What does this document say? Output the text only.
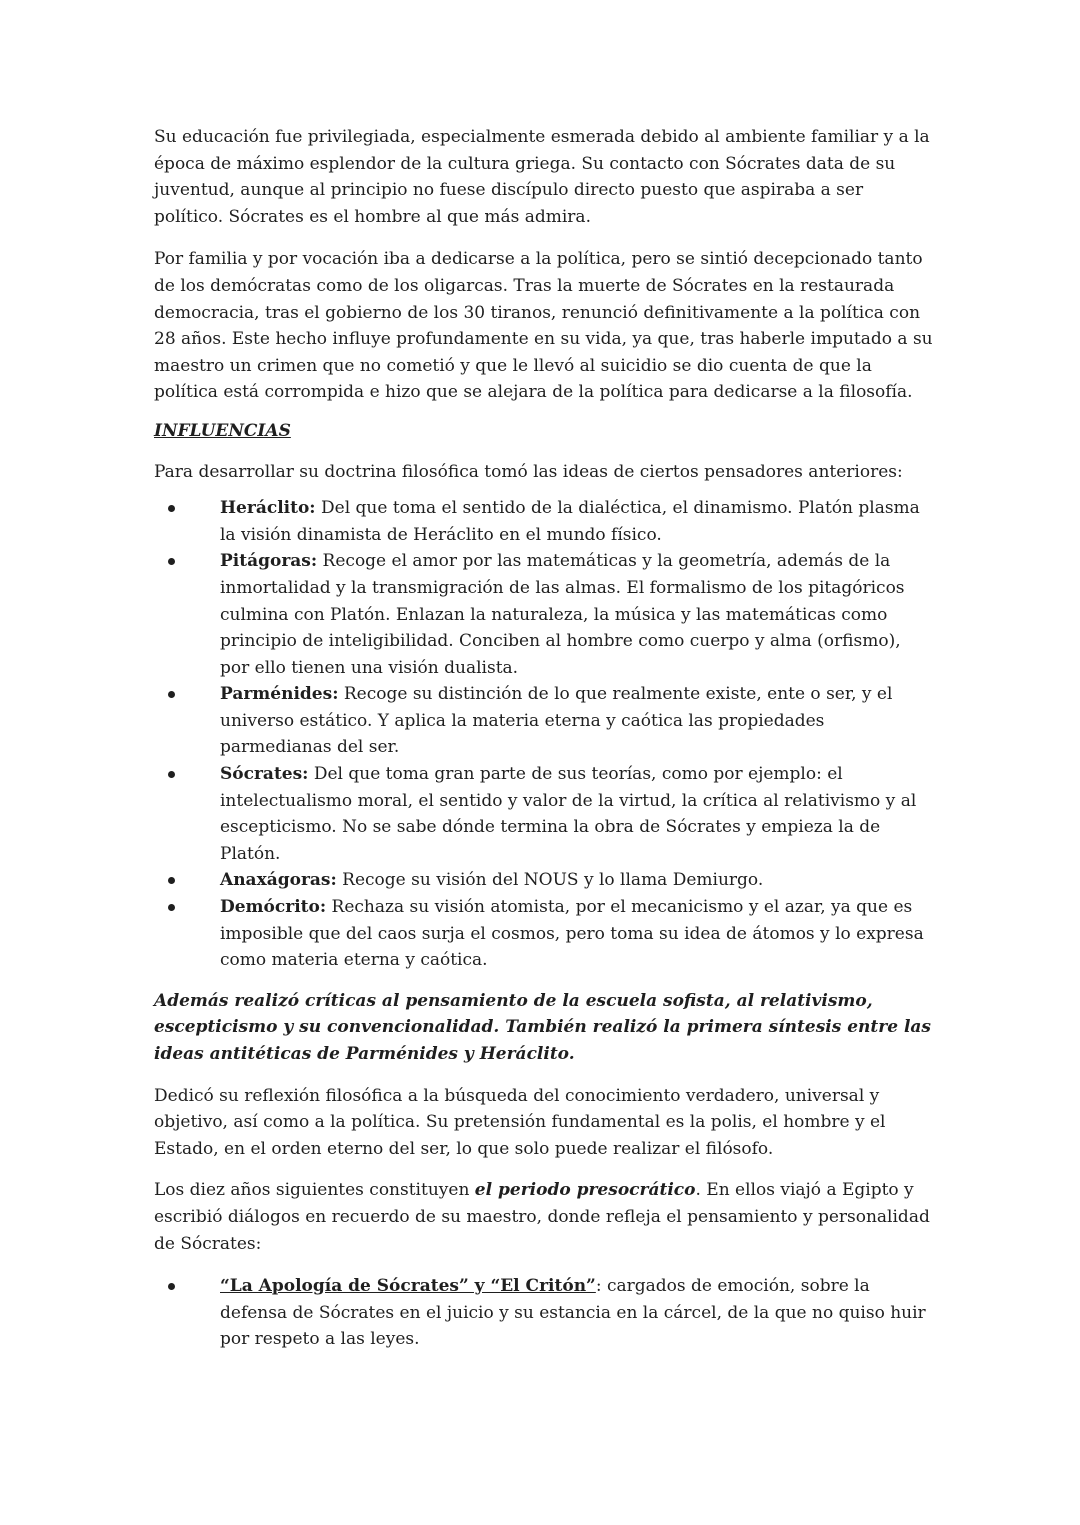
Su educación fue privilegiada, especialmente esmerada debido al ambiente familiar y a la época de máximo esplendor de la cultura griega. Su contacto con Sócrates data de su juventud, aunque al principio no fuese discípulo directo puesto que aspiraba a ser político. Sócrates es el hombre al que más admira.

Por familia y por vocación iba a dedicarse a la política, pero se sintió decepcionado tanto de los demócratas como de los oligarcas. Tras la muerte de Sócrates en la restaurada democracia, tras el gobierno de los 30 tiranos, renunció definitivamente a la política con 28 años. Este hecho influye profundamente en su vida, ya que, tras haberle imputado a su maestro un crimen que no cometió y que le llevó al suicidio se dio cuenta de que la política está corrompida e hizo que se alejara de la política para dedicarse a la filosofía.

INFLUENCIAS

Para desarrollar su doctrina filosófica tomó las ideas de ciertos pensadores anteriores:

Heráclito: Del que toma el sentido de la dialéctica, el dinamismo. Platón plasma la visión dinamista de Heráclito en el mundo físico.
Pitágoras: Recoge el amor por las matemáticas y la geometría, además de la inmortalidad y la transmigración de las almas. El formalismo de los pitagóricos culmina con Platón. Enlazan la naturaleza, la música y las matemáticas como principio de inteligibilidad. Conciben al hombre como cuerpo y alma (orfismo), por ello tienen una visión dualista.
Parménides: Recoge su distinción de lo que realmente existe, ente o ser, y el universo estático. Y aplica la materia eterna y caótica las propiedades parmedianas del ser.
Sócrates: Del que toma gran parte de sus teorías, como por ejemplo: el intelectualismo moral, el sentido y valor de la virtud, la crítica al relativismo y al escepticismo. No se sabe dónde termina la obra de Sócrates y empieza la de Platón.
Anaxágoras: Recoge su visión del NOUS y lo llama Demiurgo.
Demócrito: Rechaza su visión atomista, por el mecanicismo y el azar, ya que es imposible que del caos surja el cosmos, pero toma su idea de átomos y lo expresa como materia eterna y caótica.

Además realizó críticas al pensamiento de la escuela sofista, al relativismo, escepticismo y su convencionalidad. También realizó la primera síntesis entre las ideas antitéticas de Parménides y Heráclito.

Dedicó su reflexión filosófica a la búsqueda del conocimiento verdadero, universal y objetivo, así como a la política. Su pretensión fundamental es la polis, el hombre y el Estado, en el orden eterno del ser, lo que solo puede realizar el filósofo.

Los diez años siguientes constituyen el periodo presocrático. En ellos viajó a Egipto y escribió diálogos en recuerdo de su maestro, donde refleja el pensamiento y personalidad de Sócrates:

“La Apología de Sócrates” y “El Critón”: cargados de emoción, sobre la defensa de Sócrates en el juicio y su estancia en la cárcel, de la que no quiso huir por respeto a las leyes.
